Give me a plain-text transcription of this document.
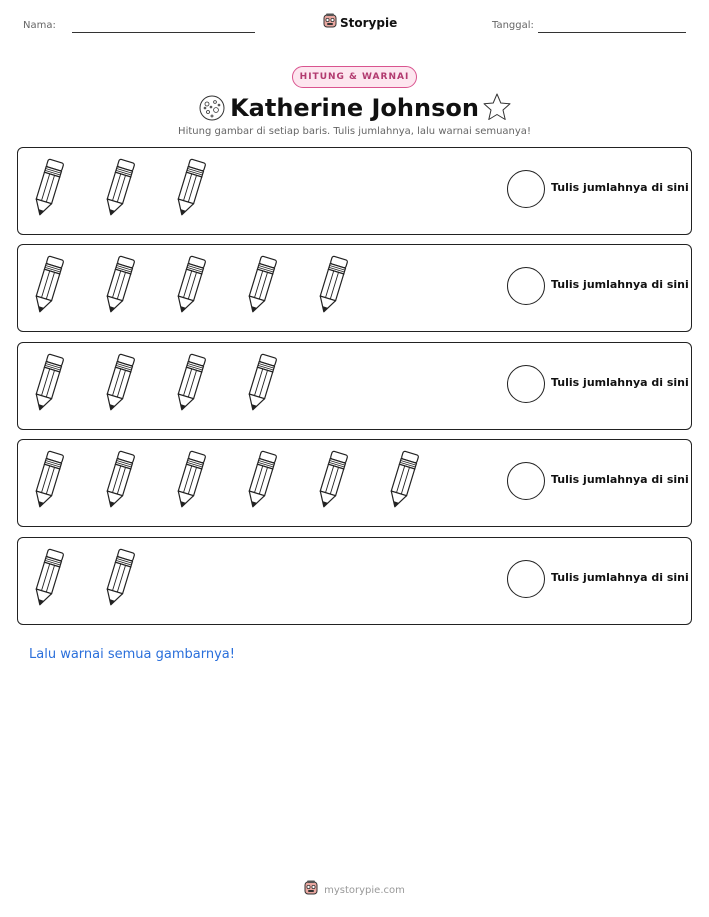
Nama:	Storypie	Tanggal:
HITUNG & WARNAI
Katherine Johnson
Hitung gambar di setiap baris. Tulis jumlahnya, lalu warnai semuanya!
Tulis jumlahnya di sini
Tulis jumlahnya di sini
Tulis jumlahnya di sini
Tulis jumlahnya di sini
Tulis jumlahnya di sini
Lalu warnai semua gambarnya!
mystorypie.com
